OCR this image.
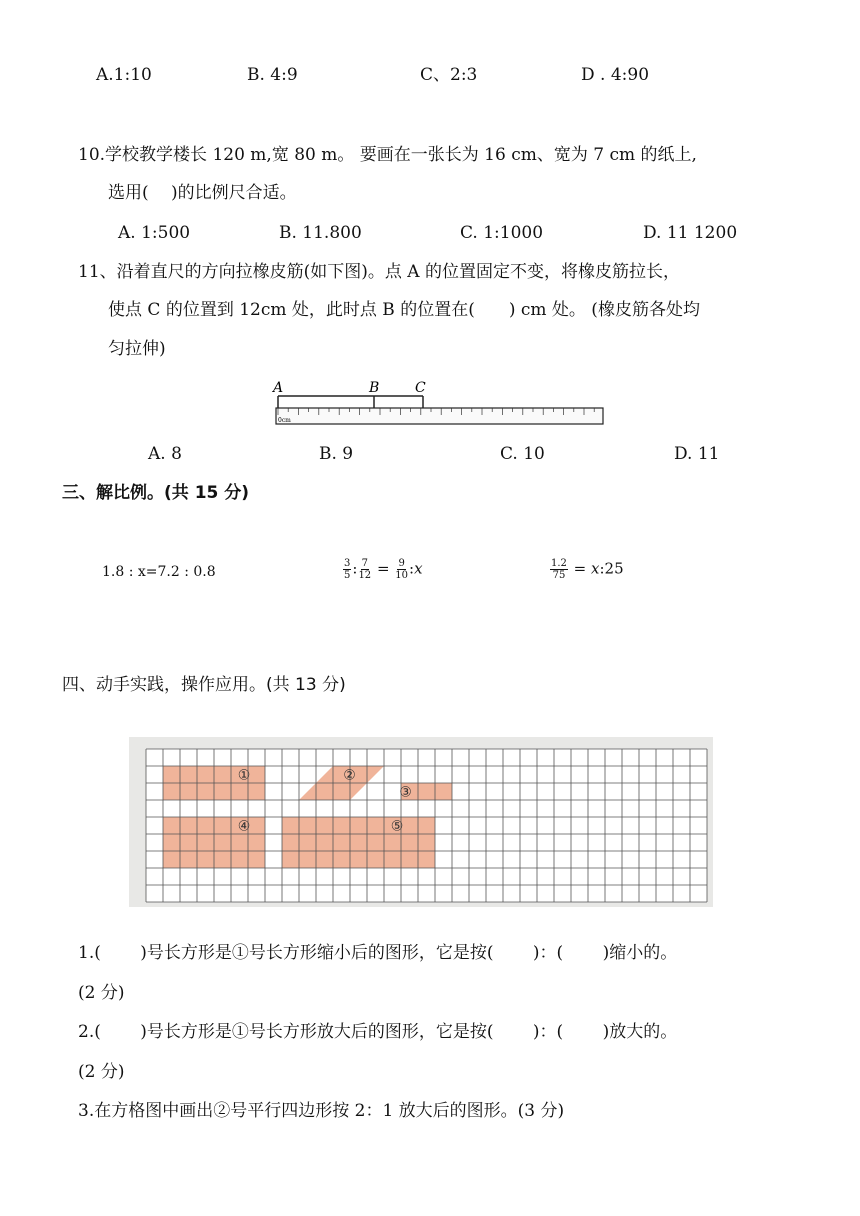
A.1:10	B. 4:9	C、2:3	D . 4:90
10.学校教学楼长 120 m,宽 80 m。 要画在一张长为 16 cm、宽为 7 cm 的纸上,
选用(　 )的比例尺合适。
A. 1:500	B. 11.800	C. 1:1000	D. 11 1200
11、沿着直尺的方向拉橡皮筋(如下图)。点 A 的位置固定不变，将橡皮筋拉长，
使点 C 的位置到 12cm 处，此时点 B 的位置在(　　) cm 处。 (橡皮筋各处均
匀拉伸)
A	B	C
0cm
A. 8	B. 9	C. 10	D. 11
三、解比例。(共 15 分)
1.8 : x=7.2 : 0.8	$\frac{3}{5}$ : $\frac{7}{12} = \frac{9}{10}$ :x	$\frac{1.2}{75}$ = x:25
四、动手实践，操作应用。(共 13 分)
①	②
③
④	⑤
1.(　　 )号长方形是①号长方形缩小后的图形，它是按(　　 )：(　　 )缩小的。
(2 分)
2.(　　 )号长方形是①号长方形放大后的图形，它是按(　　 )：(　　 )放大的。
(2 分)
3.在方格图中画出②号平行四边形按 2：1 放大后的图形。(3 分)
